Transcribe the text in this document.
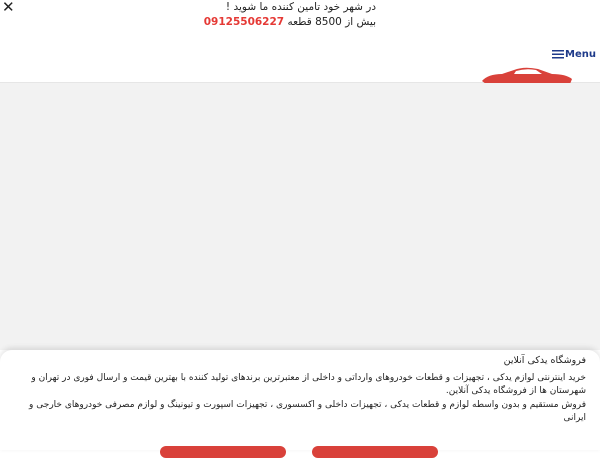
✕	در شهر خود تامین کننده ما شوید !
بیش از 8500 قطعه 09125506227
Menu
فروشگاه یدکی آنلاین
خرید اینترنتی لوازم یدکی ، تجهیزات و قطعات خودروهای وارداتی و داخلی از معتبرترین برندهای تولید کننده با بهترین قیمت و ارسال فوری در تهران و شهرستان ها از فروشگاه یدکی آنلاین.
فروش مستقیم و بدون واسطه لوازم و قطعات یدکی ، تجهیزات داخلی و اکسسوری ، تجهیزات اسپورت و تیونینگ و لوازم مصرفی خودروهای خارجی و ایرانی
